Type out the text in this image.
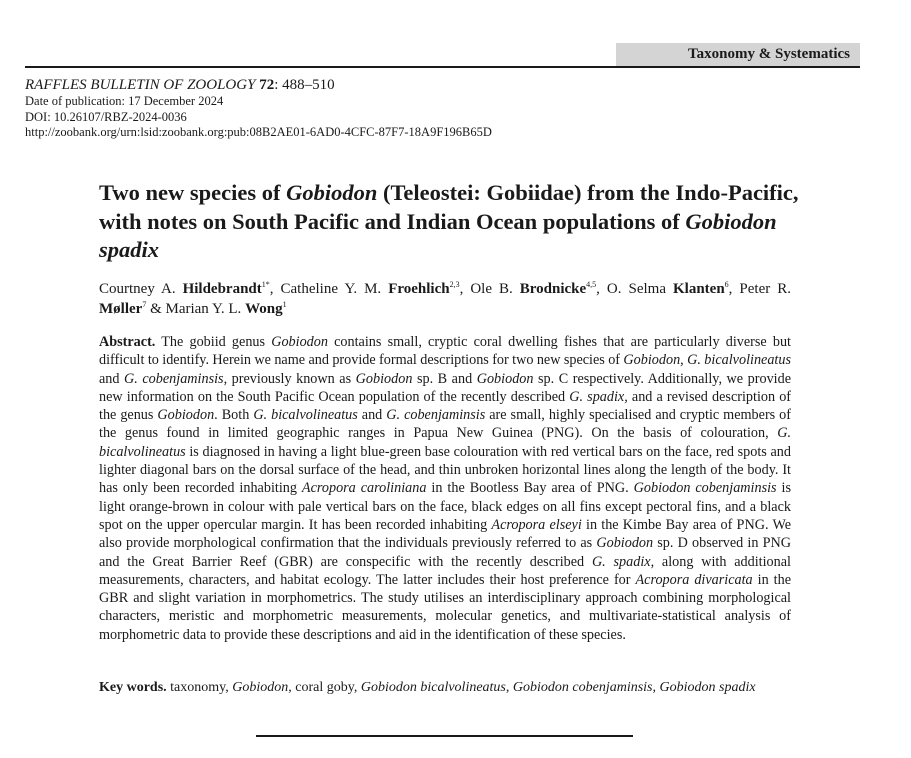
Taxonomy & Systematics
RAFFLES BULLETIN OF ZOOLOGY 72: 488–510
Date of publication: 17 December 2024
DOI: 10.26107/RBZ-2024-0036
http://zoobank.org/urn:lsid:zoobank.org:pub:08B2AE01-6AD0-4CFC-87F7-18A9F196B65D
Two new species of Gobiodon (Teleostei: Gobiidae) from the Indo-Pacific, with notes on South Pacific and Indian Ocean populations of Gobiodon spadix
Courtney A. Hildebrandt$^{1*}$, Catheline Y. M. Froehlich$^{2,3}$, Ole B. Brodnicke$^{4,5}$, O. Selma Klanten$^6$, Peter R. Møller$^7$ & Marian Y. L. Wong$^1$
Abstract. The gobiid genus Gobiodon contains small, cryptic coral dwelling fishes that are particularly diverse but difficult to identify. Herein we name and provide formal descriptions for two new species of Gobiodon, G. bicalvolineatus and G. cobenjaminsis, previously known as Gobiodon sp. B and Gobiodon sp. C respectively. Additionally, we provide new information on the South Pacific Ocean population of the recently described G. spadix, and a revised description of the genus Gobiodon. Both G. bicalvolineatus and G. cobenjaminsis are small, highly specialised and cryptic members of the genus found in limited geographic ranges in Papua New Guinea (PNG). On the basis of colouration, G. bicalvolineatus is diagnosed in having a light blue-green base colouration with red vertical bars on the face, red spots and lighter diagonal bars on the dorsal surface of the head, and thin unbroken horizontal lines along the length of the body. It has only been recorded inhabiting Acropora caroliniana in the Bootless Bay area of PNG. Gobiodon cobenjaminsis is light orange-brown in colour with pale vertical bars on the face, black edges on all fins except pectoral fins, and a black spot on the upper opercular margin. It has been recorded inhabiting Acropora elseyi in the Kimbe Bay area of PNG. We also provide morphological confirmation that the individuals previously referred to as Gobiodon sp. D observed in PNG and the Great Barrier Reef (GBR) are conspecific with the recently described G. spadix, along with additional measurements, characters, and habitat ecology. The latter includes their host preference for Acropora divaricata in the GBR and slight variation in morphometrics. The study utilises an interdisciplinary approach combining morphological characters, meristic and morphometric measurements, molecular genetics, and multivariate-statistical analysis of morphometric data to provide these descriptions and aid in the identification of these species.
Key words. taxonomy, Gobiodon, coral goby, Gobiodon bicalvolineatus, Gobiodon cobenjaminsis, Gobiodon spadix
